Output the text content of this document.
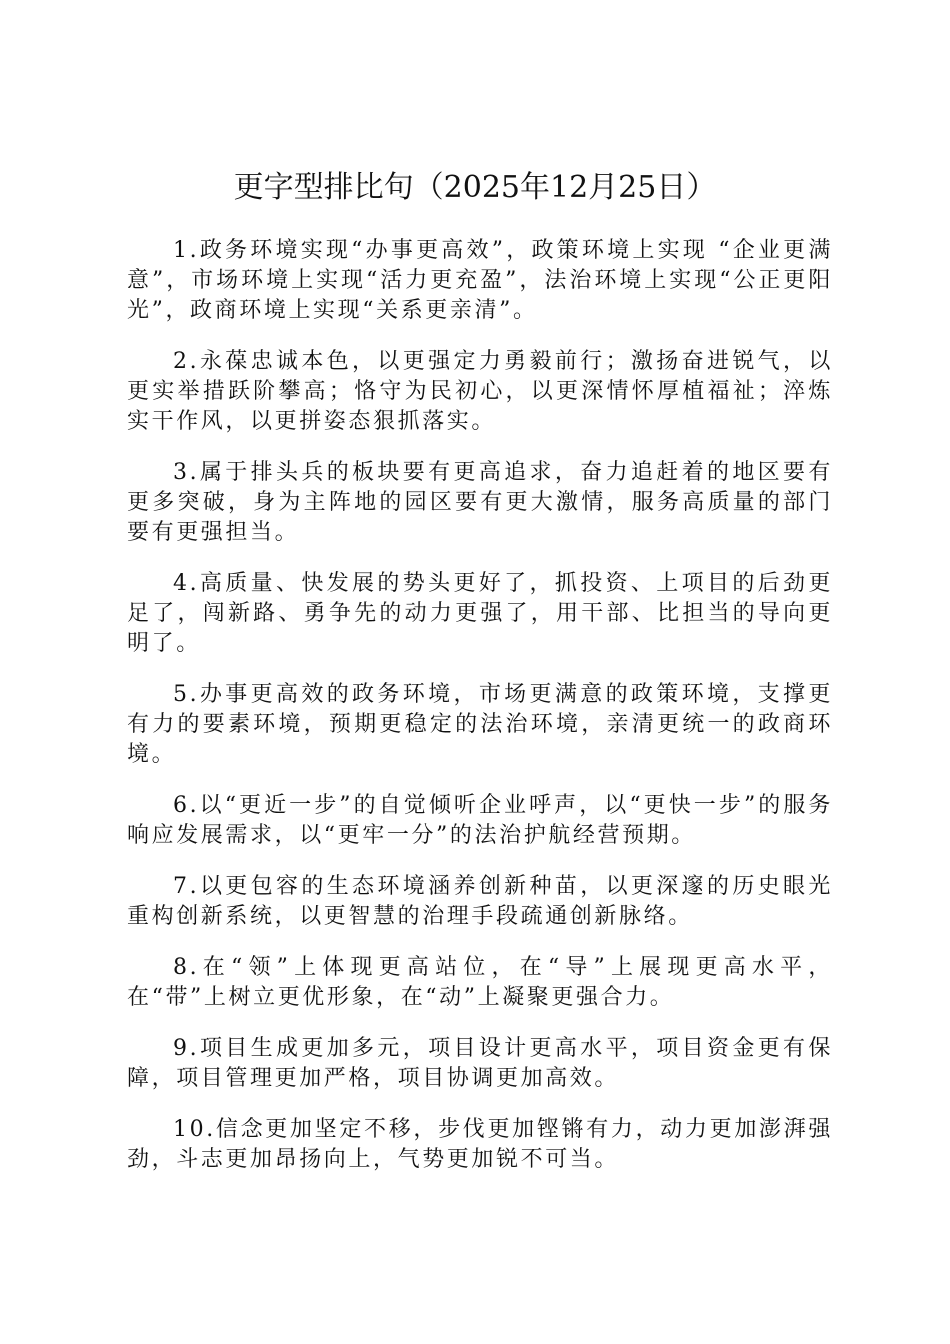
更字型排比句（2025年12月25日）

1.政务环境实现“办事更高效”，政策环境上实现 “企业更满意”，市场环境上实现“活力更充盈”，法治环境上实现“公正更阳光”，政商环境上实现“关系更亲清”。

2.永葆忠诚本色，以更强定力勇毅前行；激扬奋进锐气，以更实举措跃阶攀高；恪守为民初心，以更深情怀厚植福祉；淬炼实干作风，以更拼姿态狠抓落实。

3.属于排头兵的板块要有更高追求，奋力追赶着的地区要有更多突破，身为主阵地的园区要有更大激情，服务高质量的部门要有更强担当。

4.高质量、快发展的势头更好了，抓投资、上项目的后劲更足了，闯新路、勇争先的动力更强了，用干部、比担当的导向更明了。

5.办事更高效的政务环境，市场更满意的政策环境，支撑更有力的要素环境，预期更稳定的法治环境，亲清更统一的政商环境。

6.以“更近一步”的自觉倾听企业呼声，以“更快一步”的服务响应发展需求，以“更牢一分”的法治护航经营预期。

7.以更包容的生态环境涵养创新种苗，以更深邃的历史眼光重构创新系统，以更智慧的治理手段疏通创新脉络。

8.在“领”上体现更高站位，在“导”上展现更高水平，在“带”上树立更优形象，在“动”上凝聚更强合力。

9.项目生成更加多元，项目设计更高水平，项目资金更有保障，项目管理更加严格，项目协调更加高效。

10.信念更加坚定不移，步伐更加铿锵有力，动力更加澎湃强劲，斗志更加昂扬向上，气势更加锐不可当。
